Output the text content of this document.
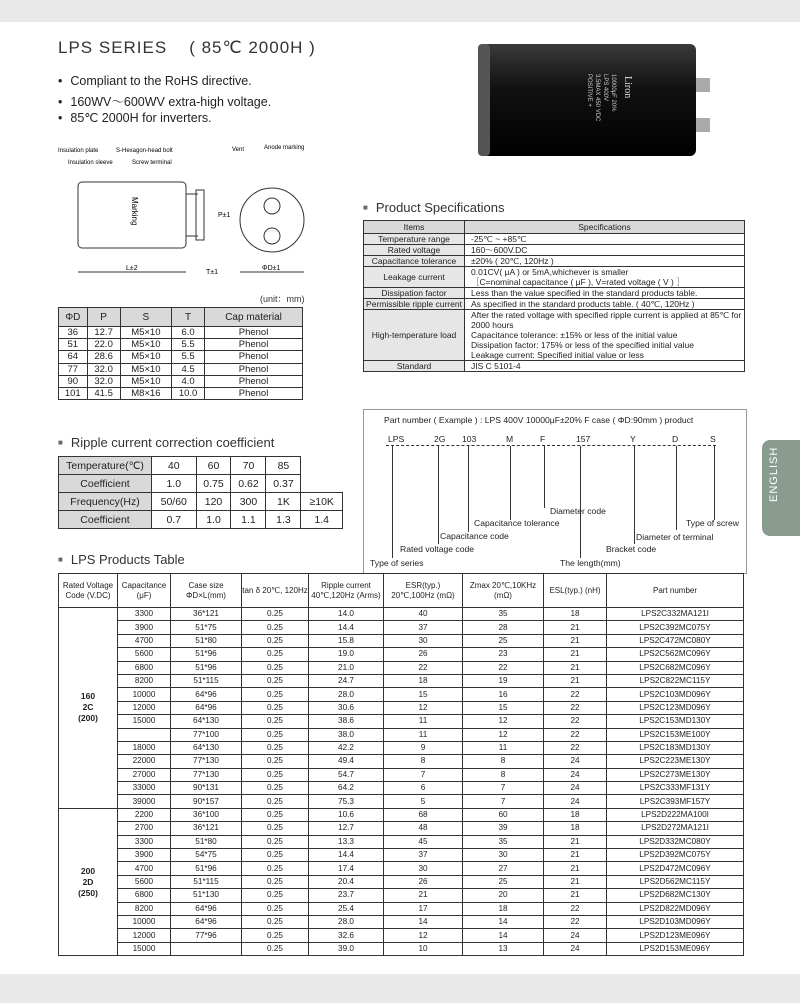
LPS SERIES ( 85℃ 2000H )
• Compliant to the RoHS directive.
• 160WV～600WV extra-high voltage.
• 85℃ 2000H for inverters.
Liron
10000μF 20%
LPS 400V
3.5MAX 450 VDC
POSITIVE +
Insulation plate	S-Hexagon-head bolt
Insulation sleeve	Screw terminal
Vent	Anode marking
Marking
L±2
T±1
P±1
ΦD±1
(unit：mm)
ΦD	P	S	T	Cap material
36	12.7	M5×10	6.0	Phenol
51	22.0	M5×10	5.5	Phenol
64	28.6	M5×10	5.5	Phenol
77	32.0	M5×10	4.5	Phenol
90	32.0	M5×10	4.0	Phenol
101	41.5	M8×16	10.0	Phenol
■ Ripple current correction coefficient
Temperature(℃)	40	60	70	85	
Coefficient	1.0	0.75	0.62	0.37	
Frequency(Hz)	50/60	120	300	1K	≥10K
Coefficient	0.7	1.0	1.1	1.3	1.4
■ Product Specifications
Items	Specifications
Temperature range	-25℃ ~ +85℃
Rated voltage	160～600V.DC
Capacitance tolerance	±20% ( 20℃, 120Hz )
Leakage current	0.01CV( μA ) or 5mA,whichever is smaller
［C=nominal capacitance ( μF ), V=rated voltage ( V ) ］
Dissipation factor	Less than the value specified in the standard products table.
Permissible ripple current	As specified in the standard products table. ( 40℃, 120Hz )
High-temperature load	After the rated voltage with specified ripple current is applied at 85℃ for 2000 hours
Capacitance tolerance: ±15% or less of the initial value
Dissipation factor: 175% or less of the specified initial value
Leakage current: Specified initial value or less
Standard	JIS C 5101-4
Part number ( Example ) : LPS 400V 10000μF±20% F case ( ΦD:90mm ) product
LPS	2G 103	M	F	157	Y	D	S
Diameter code
Type of screw
Capacitance tolerance
Capacitance code	Diameter of terminal
Rated voltage code	Bracket code
Type of series	The length(mm)
■ LPS Products Table
Rated Voltage Code (V.DC)	Capacitance (μF)	Case size ΦD×L(mm)	tan δ 20℃, 120Hz	Ripple current 40℃,120Hz (Arms)	ESR(typ.) 20℃,100Hz (mΩ)	Zmax 20℃,10KHz (mΩ)	ESL(typ.) (nH)	Part number
160
2C
(200)	3300	36*121	0.25	14.0	40	35	18	LPS2C332MA121I
	3900	51*75	0.25	14.4	37	28	21	LPS2C392MC075Y
	4700	51*80	0.25	15.8	30	25	21	LPS2C472MC080Y
	5600	51*96	0.25	19.0	26	23	21	LPS2C562MC096Y
	6800	51*96	0.25	21.0	22	22	21	LPS2C682MC096Y
	8200	51*115	0.25	24.7	18	19	21	LPS2C822MC115Y
	10000	64*96	0.25	28.0	15	16	22	LPS2C103MD096Y
	12000	64*96	0.25	30.6	12	15	22	LPS2C123MD096Y
	15000	64*130	0.25	38.6	11	12	22	LPS2C153MD130Y
		77*100	0.25	38.0	11	12	22	LPS2C153ME100Y
	18000	64*130	0.25	42.2	9	11	22	LPS2C183MD130Y
	22000	77*130	0.25	49.4	8	8	24	LPS2C223ME130Y
	27000	77*130	0.25	54.7	7	8	24	LPS2C273ME130Y
	33000	90*131	0.25	64.2	6	7	24	LPS2C333MF131Y
	39000	90*157	0.25	75.3	5	7	24	LPS2C393MF157Y
200
2D
(250)	2200	36*100	0.25	10.6	68	60	18	LPS2D222MA100I
	2700	36*121	0.25	12.7	48	39	18	LPS2D272MA121I
	3300	51*80	0.25	13.3	45	35	21	LPS2D332MC080Y
	3900	54*75	0.25	14.4	37	30	21	LPS2D392MC075Y
	4700	51*96	0.25	17.4	30	27	21	LPS2D472MC096Y
	5600	51*115	0.25	20.4	26	25	21	LPS2D562MC115Y
	6800	51*130	0.25	23.7	21	20	21	LPS2D682MC130Y
	8200	64*96	0.25	25.4	17	18	22	LPS2D822MD096Y
	10000	64*96	0.25	28.0	14	14	22	LPS2D103MD096Y
	12000	77*96	0.25	32.6	12	14	24	LPS2D123ME096Y
	15000		0.25	39.0	10	13	24	LPS2D153ME096Y
ENGLISH
